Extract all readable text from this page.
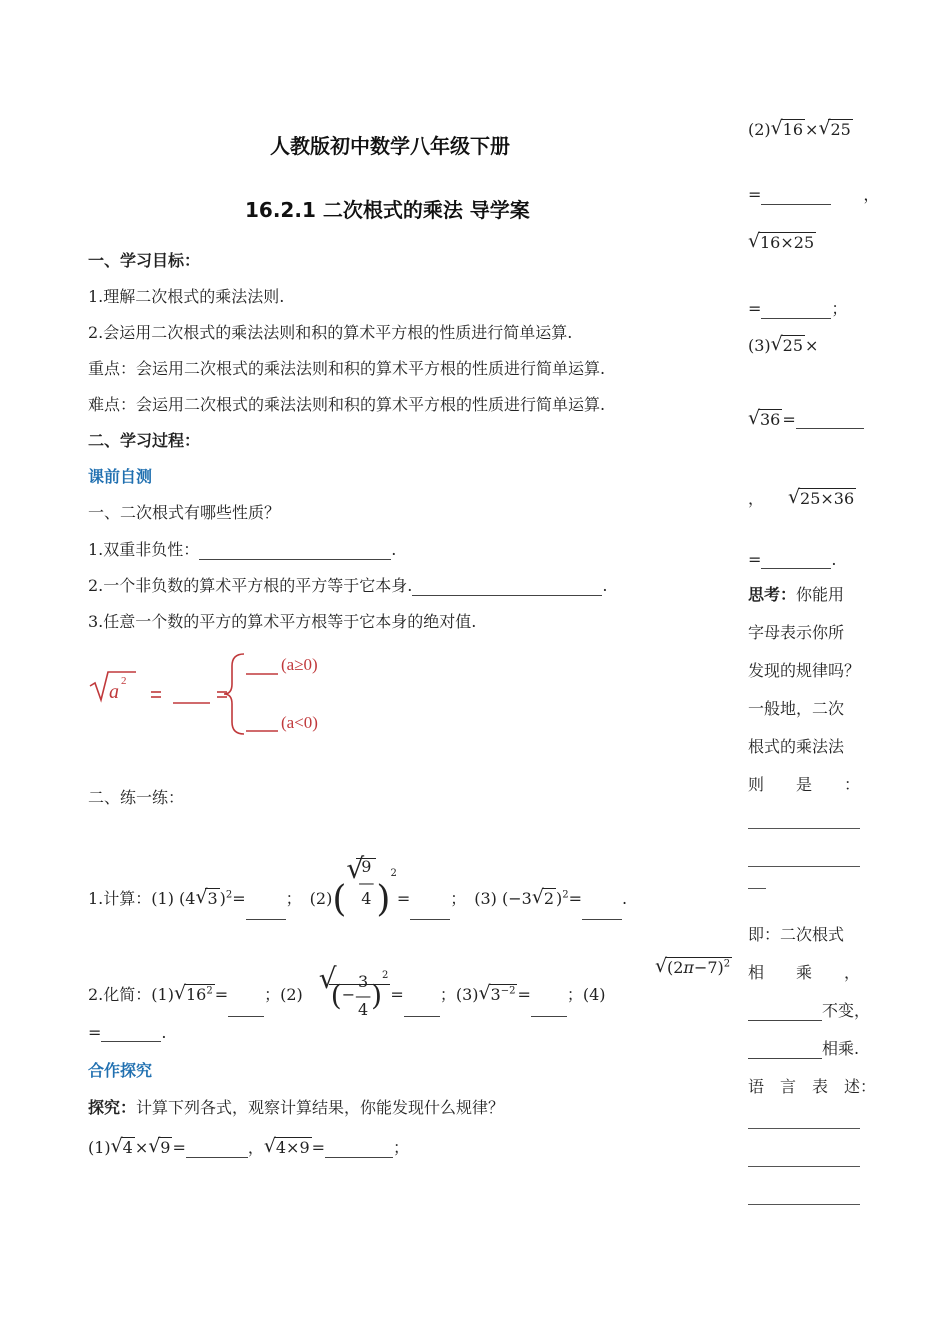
人教版初中数学八年级下册
16.2.1 二次根式的乘法 导学案
一、学习目标：
1.理解二次根式的乘法法则.
2.会运用二次根式的乘法法则和积的算术平方根的性质进行简单运算.
重点：会运用二次根式的乘法法则和积的算术平方根的性质进行简单运算.
难点：会运用二次根式的乘法法则和积的算术平方根的性质进行简单运算.
二、学习过程：
课前自测
一、二次根式有哪些性质？
1.双重非负性：	.
2.一个非负数的算术平方根的平方等于它本身.	.
3.任意一个数的平方的算术平方根等于它本身的绝对值.
a 2
(a≥0)
(a<0)
二、练一练：
1.计算：(1) (4 √ 3 )$^2$=	；　(2)(
√
9
—
4 )$^2$=	；　(3) (−3 √ 2 )$^2$=	.
2.化简：(1) √ $16^2$ = ；(2)　 √
(−3
—
4 )$^2$= ；(3) √ $3^{-2}$ = ；(4)
√ $(2\pi-7)^2$
=	.
合作探究
探究：计算下列各式，观察计算结果，你能发现什么规律？
(1) √ 4 × √ 9 =	， √ 4×9 =	；
(2) √ 16 × √ 25
=	　　，
√ 16×25
=	；
(3) √ 25 ×
√ 36 =
，　　 √ 25×36
=	.
思考：你能用
字母表示你所
发现的规律吗？
一般地，二次
根式的乘法法
则　　是　　：
即：二次根式
相　　乘　　，
不变，
相乘.
语　言　表　述：
